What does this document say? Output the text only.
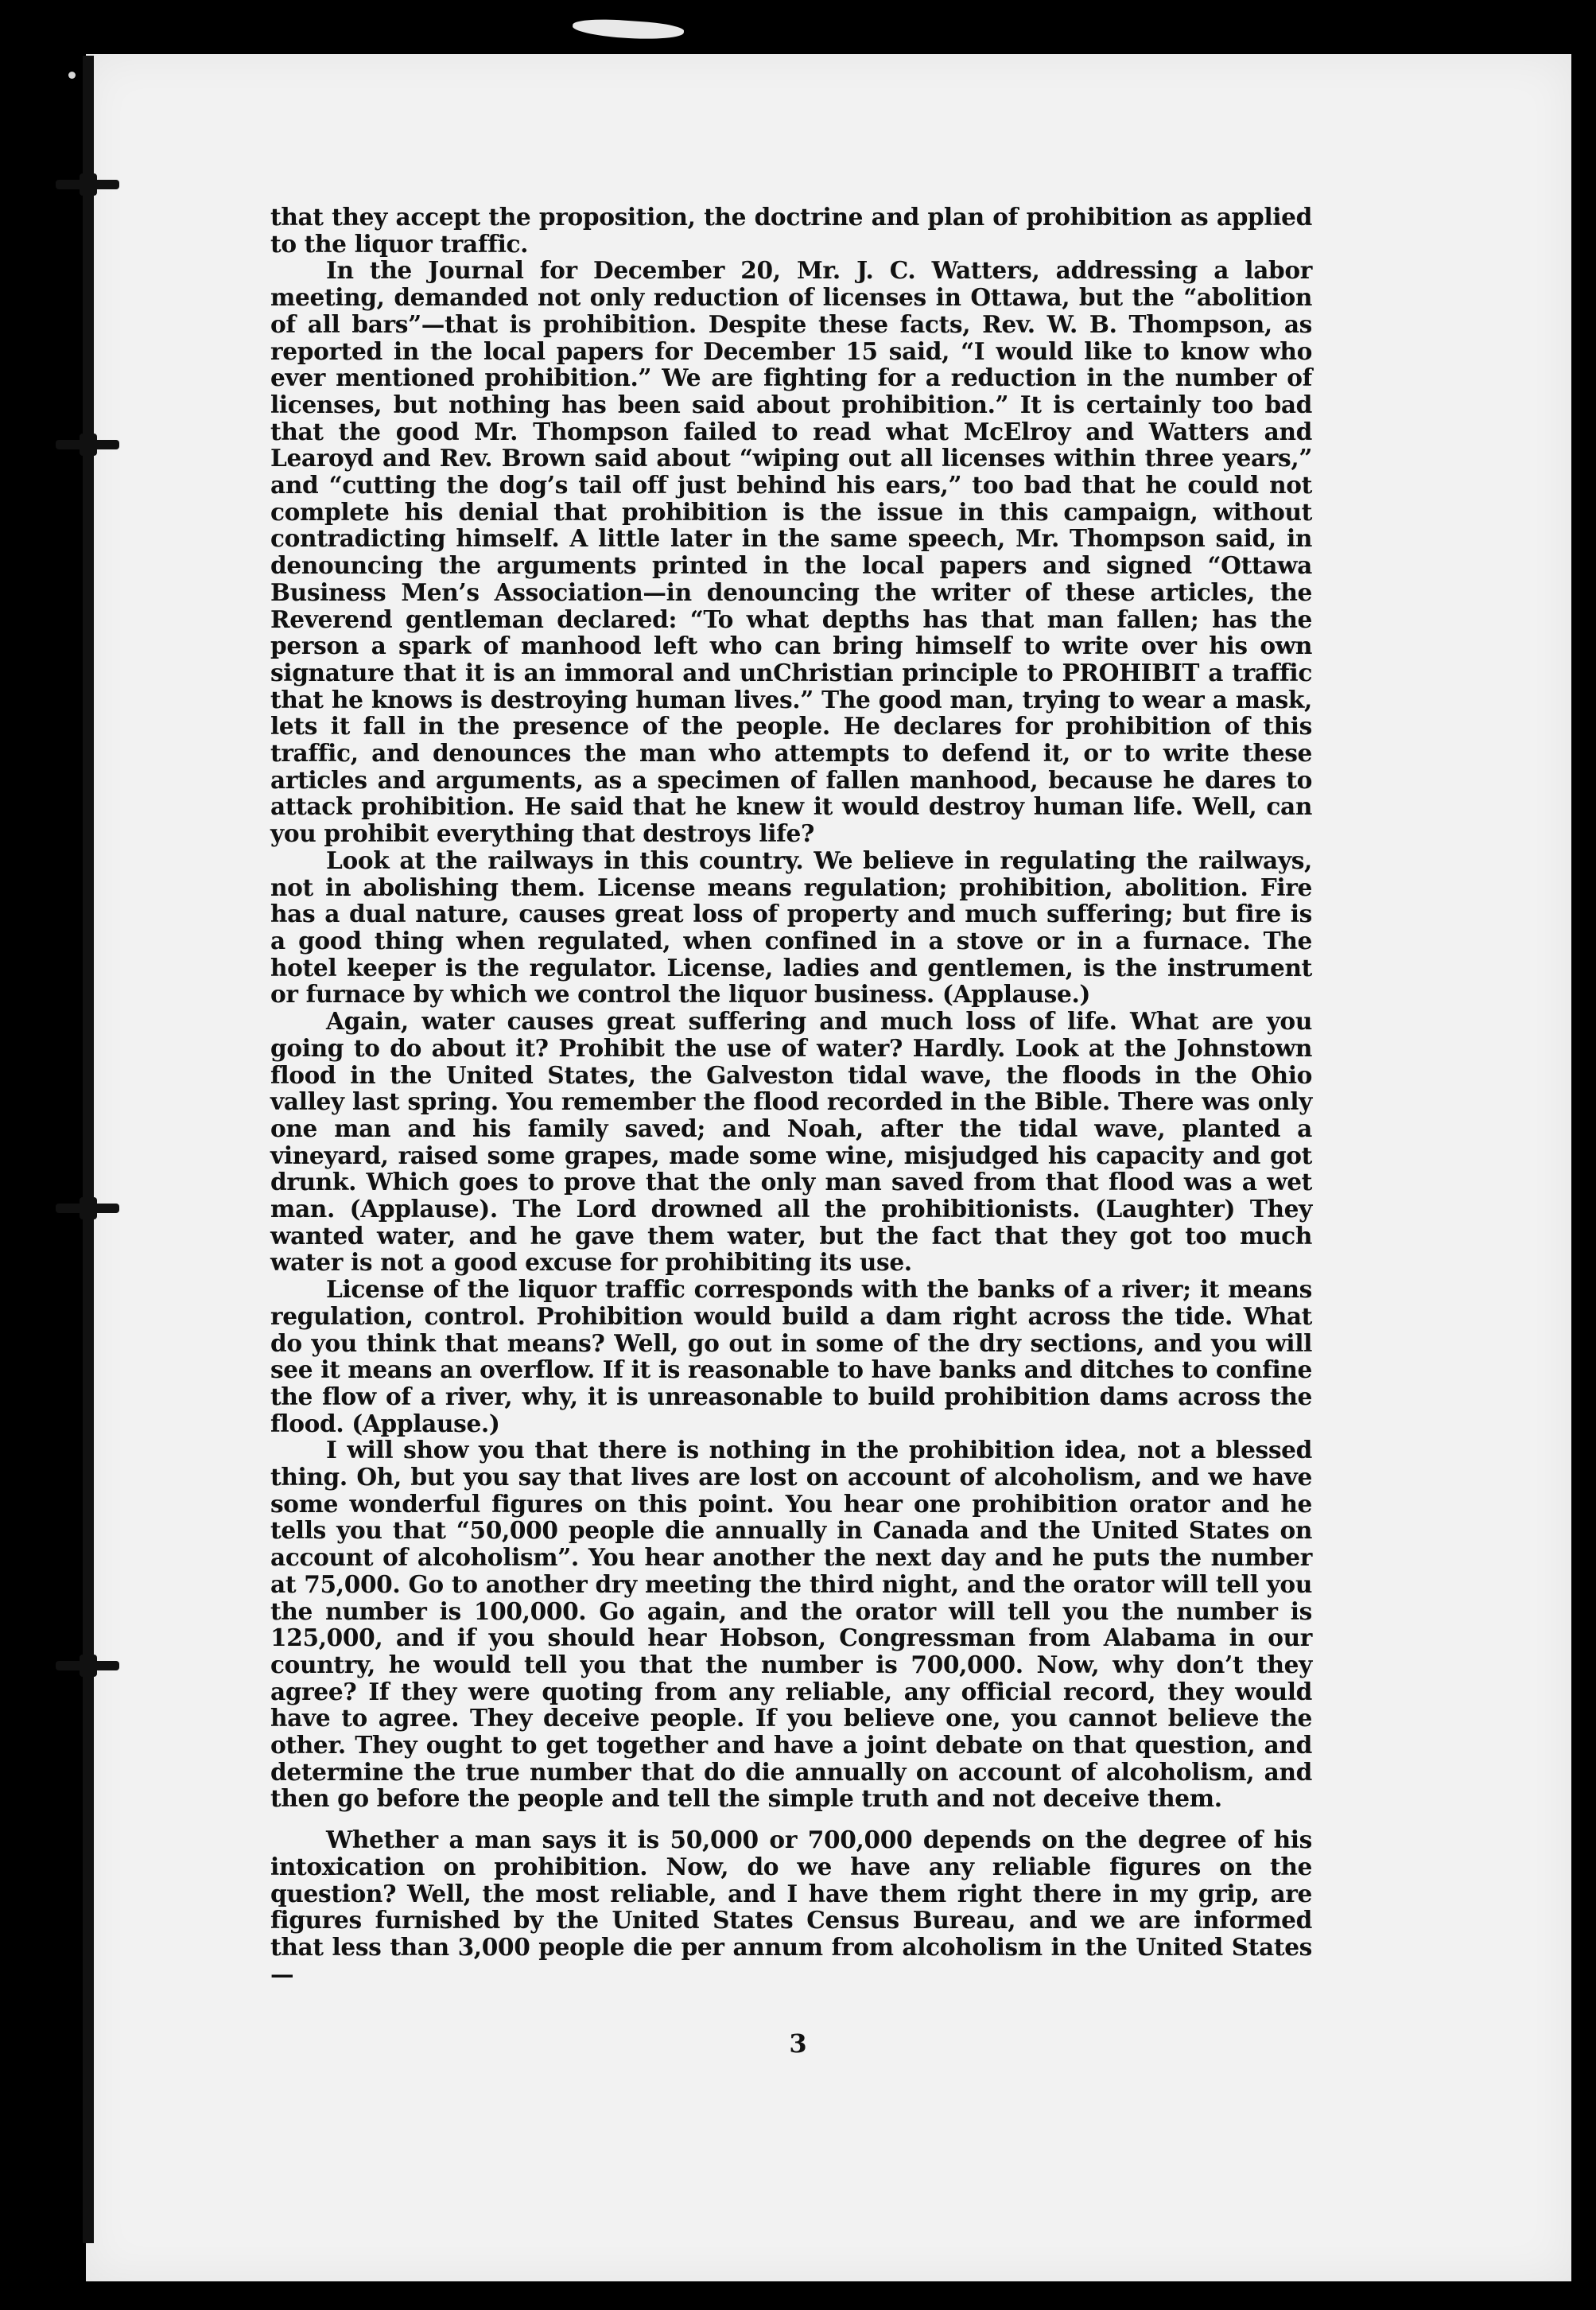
that they accept the proposition, the doctrine and plan of prohibition as applied to the liquor traffic.

In the Journal for December 20, Mr. J. C. Watters, addressing a labor meeting, demanded not only reduction of licenses in Ottawa, but the “abolition of all bars”—that is prohibition. Despite these facts, Rev. W. B. Thompson, as reported in the local papers for December 15 said, “I would like to know who ever mentioned prohibition.” We are fighting for a reduction in the number of licenses, but nothing has been said about prohibition.” It is certainly too bad that the good Mr. Thompson failed to read what McElroy and Watters and Learoyd and Rev. Brown said about “wiping out all licenses within three years,” and “cutting the dog’s tail off just behind his ears,” too bad that he could not complete his denial that prohibition is the issue in this campaign, without contradicting himself. A little later in the same speech, Mr. Thompson said, in denouncing the arguments printed in the local papers and signed “Ottawa Business Men’s Association—in denouncing the writer of these articles, the Reverend gentleman declared: “To what depths has that man fallen; has the person a spark of manhood left who can bring himself to write over his own signature that it is an immoral and unChristian principle to PROHIBIT a traffic that he knows is destroying human lives.” The good man, trying to wear a mask, lets it fall in the presence of the people. He declares for prohibition of this traffic, and denounces the man who attempts to defend it, or to write these articles and arguments, as a specimen of fallen manhood, because he dares to attack prohibition. He said that he knew it would destroy human life. Well, can you prohibit everything that destroys life?

Look at the railways in this country. We believe in regulating the railways, not in abolishing them. License means regulation; prohibition, abolition. Fire has a dual nature, causes great loss of property and much suffering; but fire is a good thing when regulated, when confined in a stove or in a furnace. The hotel keeper is the regulator. License, ladies and gentlemen, is the instrument or furnace by which we control the liquor business. (Applause.)

Again, water causes great suffering and much loss of life. What are you going to do about it? Prohibit the use of water? Hardly. Look at the Johnstown flood in the United States, the Galveston tidal wave, the floods in the Ohio valley last spring. You remember the flood recorded in the Bible. There was only one man and his family saved; and Noah, after the tidal wave, planted a vineyard, raised some grapes, made some wine, misjudged his capacity and got drunk. Which goes to prove that the only man saved from that flood was a wet man. (Applause). The Lord drowned all the prohibitionists. (Laughter) They wanted water, and he gave them water, but the fact that they got too much water is not a good excuse for prohibiting its use.

License of the liquor traffic corresponds with the banks of a river; it means regulation, control. Prohibition would build a dam right across the tide. What do you think that means? Well, go out in some of the dry sections, and you will see it means an overflow. If it is reasonable to have banks and ditches to confine the flow of a river, why, it is unreasonable to build prohibition dams across the flood. (Applause.)

I will show you that there is nothing in the prohibition idea, not a blessed thing. Oh, but you say that lives are lost on account of alcoholism, and we have some wonderful figures on this point. You hear one prohibition orator and he tells you that “50,000 people die annually in Canada and the United States on account of alcoholism”. You hear another the next day and he puts the number at 75,000. Go to another dry meeting the third night, and the orator will tell you the number is 100,000. Go again, and the orator will tell you the number is 125,000, and if you should hear Hobson, Congressman from Alabama in our country, he would tell you that the number is 700,000. Now, why don’t they agree? If they were quoting from any reliable, any official record, they would have to agree. They deceive people. If you believe one, you cannot believe the other. They ought to get together and have a joint debate on that question, and determine the true number that do die annually on account of alcoholism, and then go before the people and tell the simple truth and not deceive them.

Whether a man says it is 50,000 or 700,000 depends on the degree of his intoxication on prohibition. Now, do we have any reliable figures on the question? Well, the most reliable, and I have them right there in my grip, are figures furnished by the United States Census Bureau, and we are informed that less than 3,000 people die per annum from alcoholism in the United States—

3
